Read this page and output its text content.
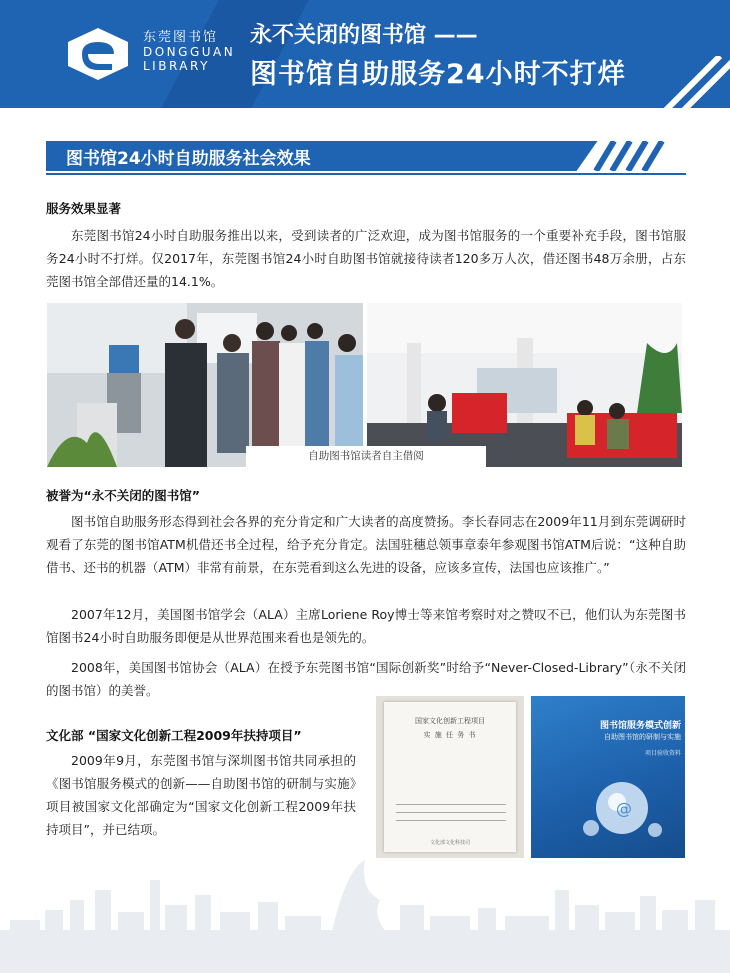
东莞图书馆
DONGGUAN
LIBRARY
永不关闭的图书馆 ——
图书馆自助服务24小时不打烊
图书馆24小时自助服务社会效果
服务效果显著
东莞图书馆24小时自助服务推出以来，受到读者的广泛欢迎，成为图书馆服务的一个重要补充手段，图书馆服务24小时不打烊。仅2017年，东莞图书馆24小时自助图书馆就接待读者120多万人次，借还图书48万余册，占东莞图书馆全部借还量的14.1%。
自助图书馆读者自主借阅
被誉为“永不关闭的图书馆”
图书馆自助服务形态得到社会各界的充分肯定和广大读者的高度赞扬。李长春同志在2009年11月到东莞调研时观看了东莞的图书馆ATM机借还书全过程，给予充分肯定。法国驻穗总领事章泰年参观图书馆ATM后说：“这种自助借书、还书的机器（ATM）非常有前景，在东莞看到这么先进的设备，应该多宣传，法国也应该推广。”
2007年12月，美国图书馆学会（ALA）主席Loriene Roy博士等来馆考察时对之赞叹不已，他们认为东莞图书馆图书24小时自助服务即便是从世界范围来看也是领先的。
2008年，美国图书馆协会（ALA）在授予东莞图书馆“国际创新奖”时给予“Never-Closed-Library”（永不关闭的图书馆）的美誉。
文化部 “国家文化创新工程2009年扶持项目”
2009年9月，东莞图书馆与深圳图书馆共同承担的《图书馆服务模式的创新——自助图书馆的研制与实施》项目被国家文化部确定为“国家文化创新工程2009年扶持项目”，并已结项。
国家文化创新工程项目
实 施 任 务 书
文化部文化科技司
图书馆服务模式创新
自助图书馆的研制与实施
项目验收资料
@
